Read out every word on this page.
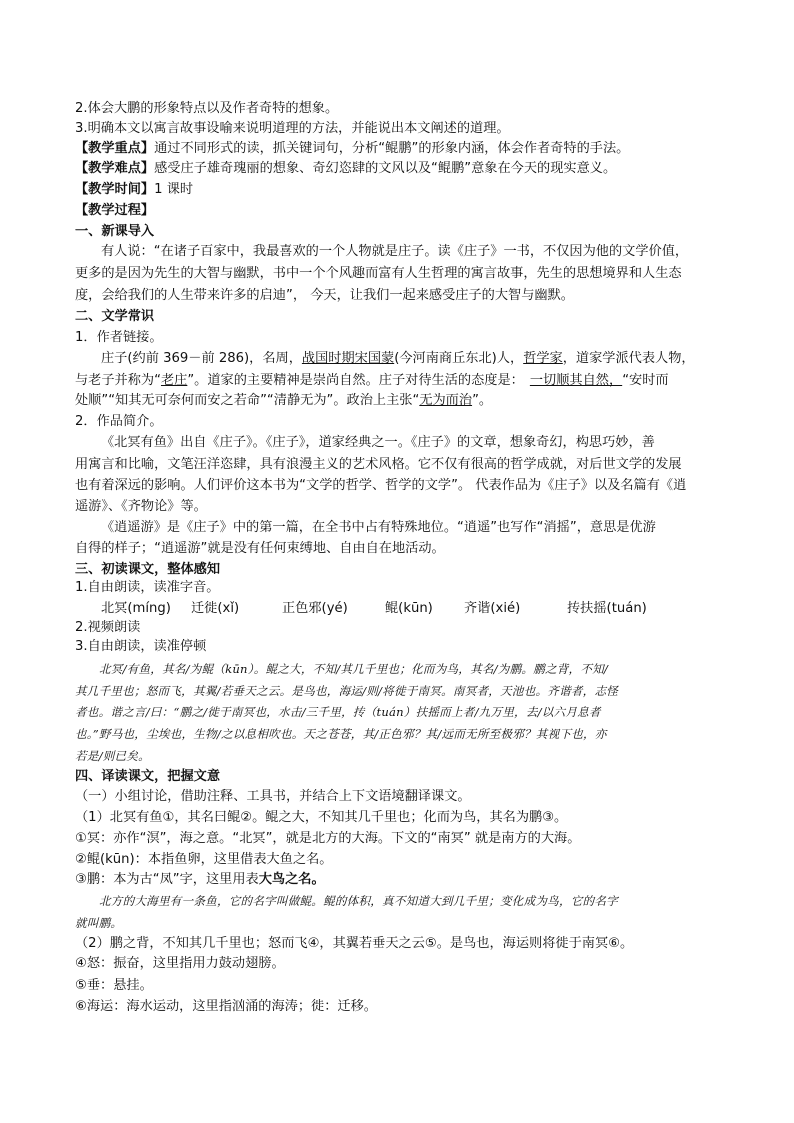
2.体会大鹏的形象特点以及作者奇特的想象。
3.明确本文以寓言故事设喻来说明道理的方法，并能说出本文阐述的道理。
【教学重点】通过不同形式的读，抓关键词句，分析“鲲鹏”的形象内涵，体会作者奇特的手法。
【教学难点】感受庄子雄奇瑰丽的想象、奇幻恣肆的文风以及“鲲鹏”意象在今天的现实意义。
【教学时间】1 课时
【教学过程】
一、新课导入
有人说：“在诸子百家中，我最喜欢的一个人物就是庄子。读《庄子》一书，不仅因为他的文学价值，
更多的是因为先生的大智与幽默，书中一个个风趣而富有人生哲理的寓言故事，先生的思想境界和人生态
度，会给我们的人生带来许多的启迪”， 今天，让我们一起来感受庄子的大智与幽默。
二、文学常识
1．作者链接。
庄子(约前 369－前 286)，名周，战国时期宋国蒙(今河南商丘东北)人，哲学家，道家学派代表人物，
与老子并称为“老庄”。道家的主要精神是崇尚自然。庄子对待生活的态度是： 一切顺其自然，“安时而
处顺”“知其无可奈何而安之若命”“清静无为”。政治上主张“无为而治”。
2．作品简介。
《北冥有鱼》出自《庄子》。《庄子》，道家经典之一。《庄子》的文章，想象奇幻，构思巧妙，善
用寓言和比喻，文笔汪洋恣肆，具有浪漫主义的艺术风格。它不仅有很高的哲学成就，对后世文学的发展
也有着深远的影响。人们评价这本书为“文学的哲学、哲学的文学”。 代表作品为《庄子》以及名篇有《逍
遥游》、《齐物论》等。
《逍遥游》是《庄子》中的第一篇，在全书中占有特殊地位。“逍遥”也写作“消摇”，意思是优游
自得的样子；“逍遥游”就是没有任何束缚地、自由自在地活动。
三、初读课文，整体感知
1.自由朗读，读准字音。
北冥(míng) 迁徙(xǐ)	正色邪(yé)	鲲(kūn) 齐谐(xié)	抟扶摇(tuán)
2.视频朗读
3.自由朗读，读准停顿
北冥/有鱼，其名/为鲲（kūn）。鲲之大，不知/其几千里也；化而为鸟，其名/为鹏。鹏之背，不知/
其几千里也；怒而飞，其翼/若垂天之云。是鸟也，海运/则/将徙于南冥。南冥者，天池也。齐谐者，志怪
者也。谐之言/曰：“鹏之/徙于南冥也，水击/三千里，抟（tuán）扶摇而上者/九万里，去/以六月息者
也。”野马也，尘埃也，生物/之以息相吹也。天之苍苍，其/正色邪？其/远而无所至极邪？其视下也，亦
若是/则已矣。
四、译读课文，把握文意
（一）小组讨论，借助注释、工具书，并结合上下文语境翻译课文。
（1）北冥有鱼①，其名曰鲲②。鲲之大，不知其几千里也；化而为鸟，其名为鹏③。
①冥：亦作“溟”，海之意。“北冥”，就是北方的大海。下文的“南冥” 就是南方的大海。
②鲲(kūn)：本指鱼卵，这里借表大鱼之名。
③鹏：本为古“凤”字，这里用表大鸟之名。
北方的大海里有一条鱼，它的名字叫做鲲。鲲的体积，真不知道大到几千里；变化成为鸟，它的名字
就叫鹏。
（2）鹏之背，不知其几千里也；怒而飞④，其翼若垂天之云⑤。是鸟也，海运则将徙于南冥⑥。
④怒：振奋，这里指用力鼓动翅膀。
⑤垂：悬挂。
⑥海运：海水运动，这里指汹涌的海涛；徙：迁移。
